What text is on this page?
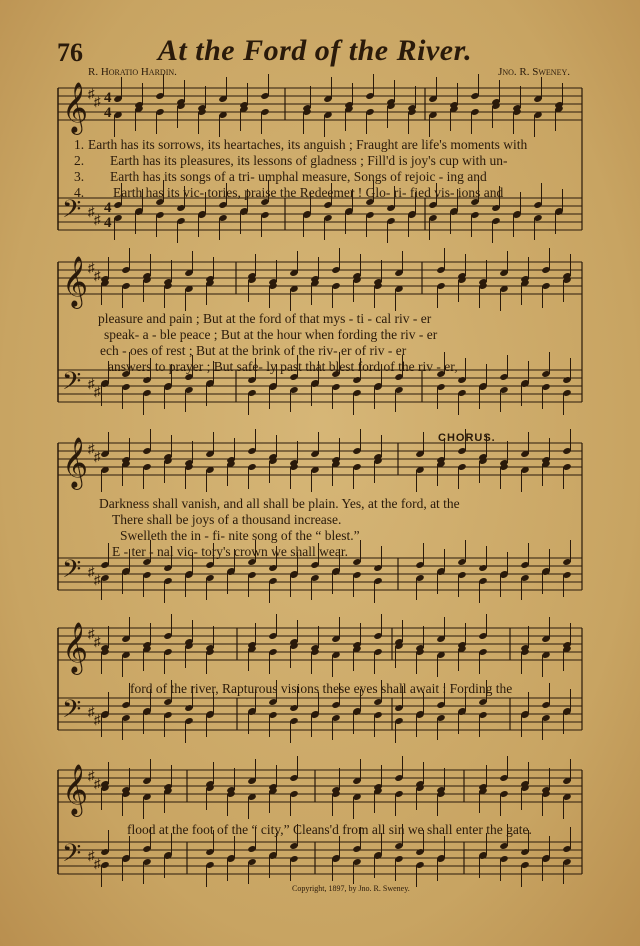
𝄞
𝄢
♯
♯
♯
♯
4
4
4
4
𝄞
𝄢
♯
♯
♯
♯
𝄞
𝄢
♯
♯
♯
♯
𝄞
𝄢
♯
♯
♯
♯
𝄞
𝄢
♯
♯
♯
♯
76 At the Ford of the River.
R. Horatio Hardin.	Jno. R. Sweney.
1.
2.
3.
4.
Earth has its sorrows, its heartaches, its anguish ; Fraught are life's moments with
Earth has its pleasures, its lessons of gladness ; Fill'd is joy's cup with un-
Earth has its songs of a tri- umphal measure, Songs of rejoic - ing and
Earth has its vic- tories, praise the Redeemer ! Glo- ri- fied vis- ions and
pleasure and pain ; But at the ford of that mys - ti - cal riv - er
speak- a - ble peace ; But at the hour when fording the riv - er
ech - oes of rest ; But at the brink of the riv- er of riv - er
answers to prayer ; But safe- ly past that blest ford of the riv - er,
CHORUS.
Darkness shall vanish, and all shall be plain. Yes, at the ford, at the
There shall be joys of a thousand increase.
Swelleth the in - fi- nite song of the “ blest.”
E - ter - nal vic- tory's crown we shall wear.
ford of the river, Rapturous visions these eyes shall await : Fording the
flood at the foot of the “ city,” Cleans'd from all sin we shall enter the gate.
Copyright, 1897, by Jno. R. Sweney.
